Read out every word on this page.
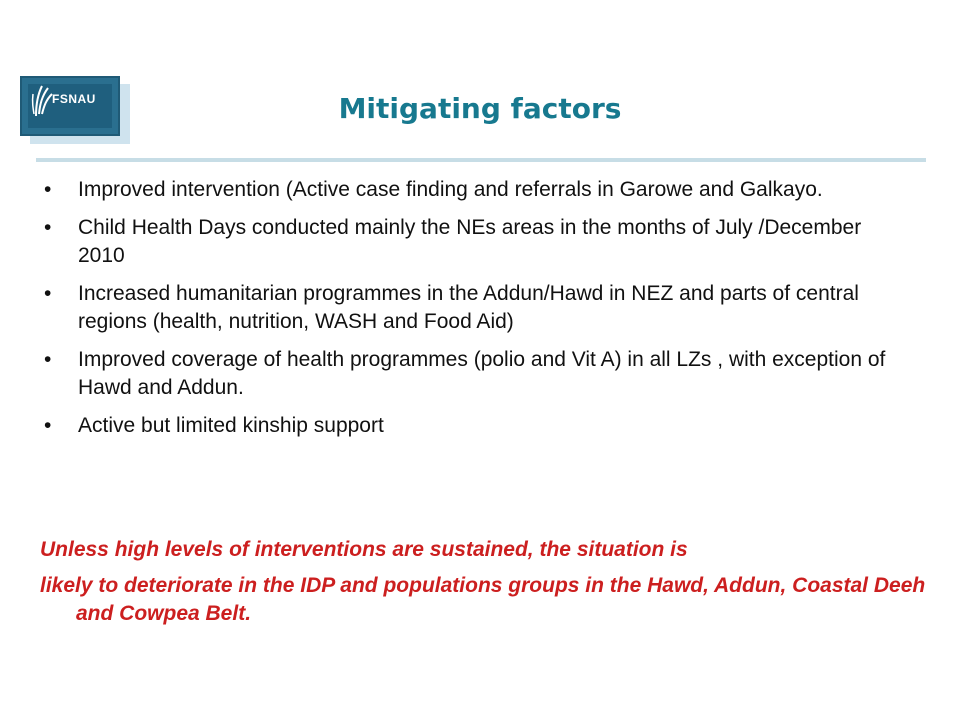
FSNAU	Mitigating factors
•	Improved intervention (Active case finding and referrals in Garowe and Galkayo.
•	Child Health Days conducted mainly the NEs areas in the months of July /December 2010
•	Increased humanitarian programmes in the Addun/Hawd in NEZ and parts of central regions (health, nutrition, WASH and Food Aid)
•	Improved coverage of health programmes (polio and Vit A) in all LZs , with exception of Hawd and Addun.
•	Active but limited kinship support
Unless high levels of interventions are sustained, the situation is
likely to deteriorate in the IDP and populations groups in the Hawd, Addun, Coastal Deeh and Cowpea Belt.
